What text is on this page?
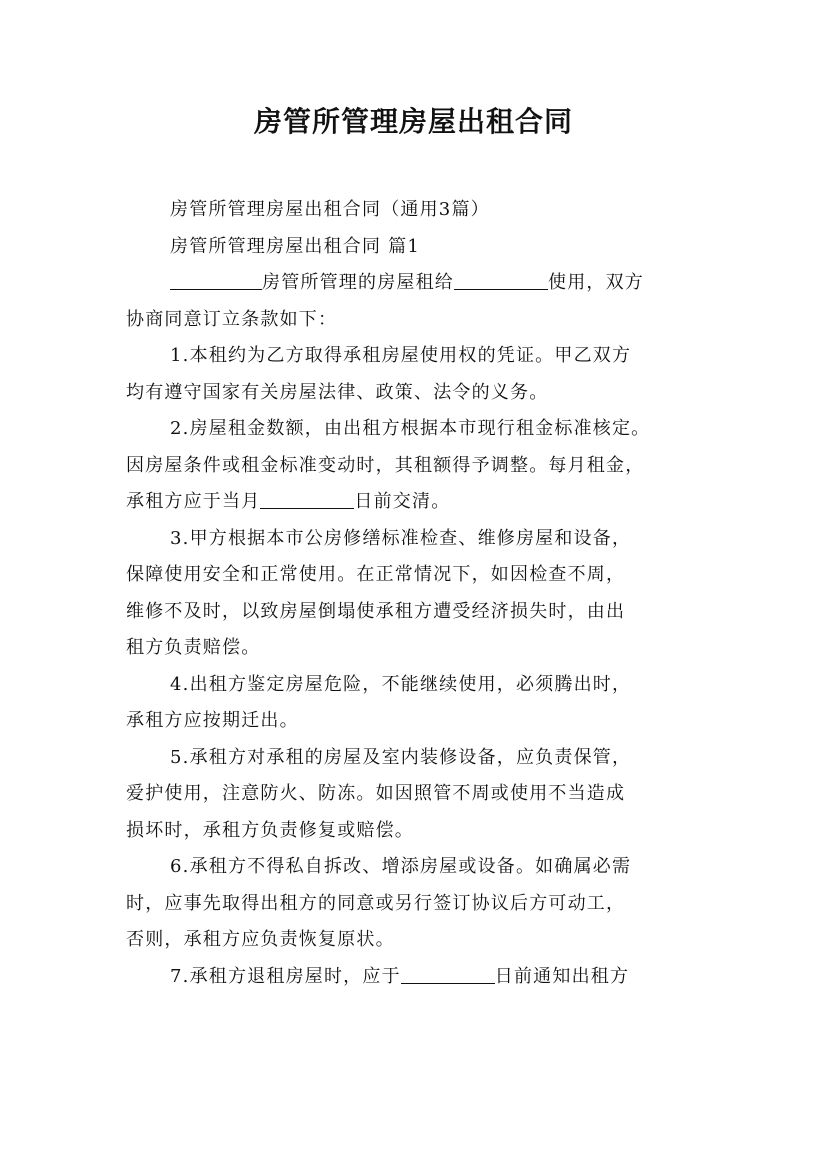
房管所管理房屋出租合同
房管所管理房屋出租合同（通用3篇）
房管所管理房屋出租合同 篇1
房管所管理的房屋租给	使用，双方
协商同意订立条款如下：
1.本租约为乙方取得承租房屋使用权的凭证。甲乙双方
均有遵守国家有关房屋法律、政策、法令的义务。
2.房屋租金数额，由出租方根据本市现行租金标准核定。
因房屋条件或租金标准变动时，其租额得予调整。每月租金，
承租方应于当月	日前交清。
3.甲方根据本市公房修缮标准检查、维修房屋和设备，
保障使用安全和正常使用。在正常情况下，如因检查不周，
维修不及时，以致房屋倒塌使承租方遭受经济损失时，由出
租方负责赔偿。
4.出租方鉴定房屋危险，不能继续使用，必须腾出时，
承租方应按期迁出。
5.承租方对承租的房屋及室内装修设备，应负责保管，
爱护使用，注意防火、防冻。如因照管不周或使用不当造成
损坏时，承租方负责修复或赔偿。
6.承租方不得私自拆改、增添房屋或设备。如确属必需
时，应事先取得出租方的同意或另行签订协议后方可动工，
否则，承租方应负责恢复原状。
7.承租方退租房屋时，应于	日前通知出租方
